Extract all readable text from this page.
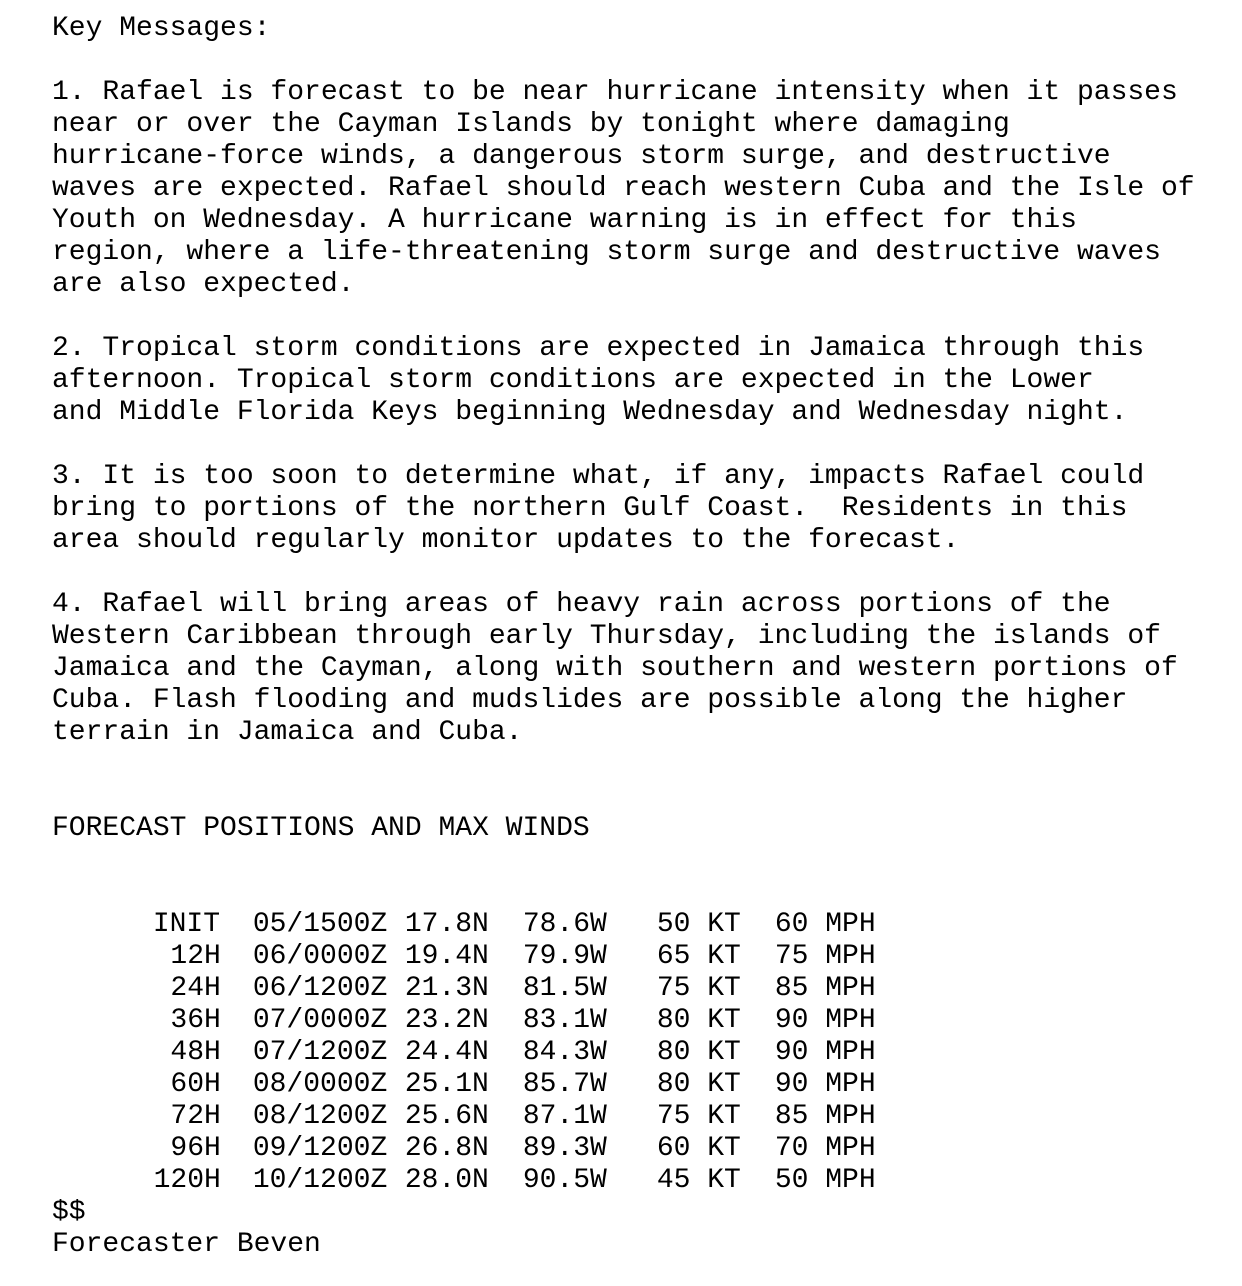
Key Messages:
1. Rafael is forecast to be near hurricane intensity when it passes
near or over the Cayman Islands by tonight where damaging
hurricane-force winds, a dangerous storm surge, and destructive
waves are expected. Rafael should reach western Cuba and the Isle of
Youth on Wednesday. A hurricane warning is in effect for this
region, where a life-threatening storm surge and destructive waves
are also expected.
2. Tropical storm conditions are expected in Jamaica through this
afternoon. Tropical storm conditions are expected in the Lower
and Middle Florida Keys beginning Wednesday and Wednesday night.
3. It is too soon to determine what, if any, impacts Rafael could
bring to portions of the northern Gulf Coast.  Residents in this
area should regularly monitor updates to the forecast.
4. Rafael will bring areas of heavy rain across portions of the
Western Caribbean through early Thursday, including the islands of
Jamaica and the Cayman, along with southern and western portions of
Cuba. Flash flooding and mudslides are possible along the higher
terrain in Jamaica and Cuba.
FORECAST POSITIONS AND MAX WINDS

INIT 05/1500Z 17.8N 78.6W 50 KT 60 MPH

12H 06/0000Z 19.4N 79.9W 65 KT 75 MPH

24H 06/1200Z 21.3N 81.5W 75 KT 85 MPH

36H 07/0000Z 23.2N 83.1W 80 KT 90 MPH

48H 07/1200Z 24.4N 84.3W 80 KT 90 MPH

60H 08/0000Z 25.1N 85.7W 80 KT 90 MPH

72H 08/1200Z 25.6N 87.1W 75 KT 85 MPH

96H 09/1200Z 26.8N 89.3W 60 KT 70 MPH

120H 10/1200Z 28.0N 90.5W 45 KT 50 MPH

$$
Forecaster Beven
